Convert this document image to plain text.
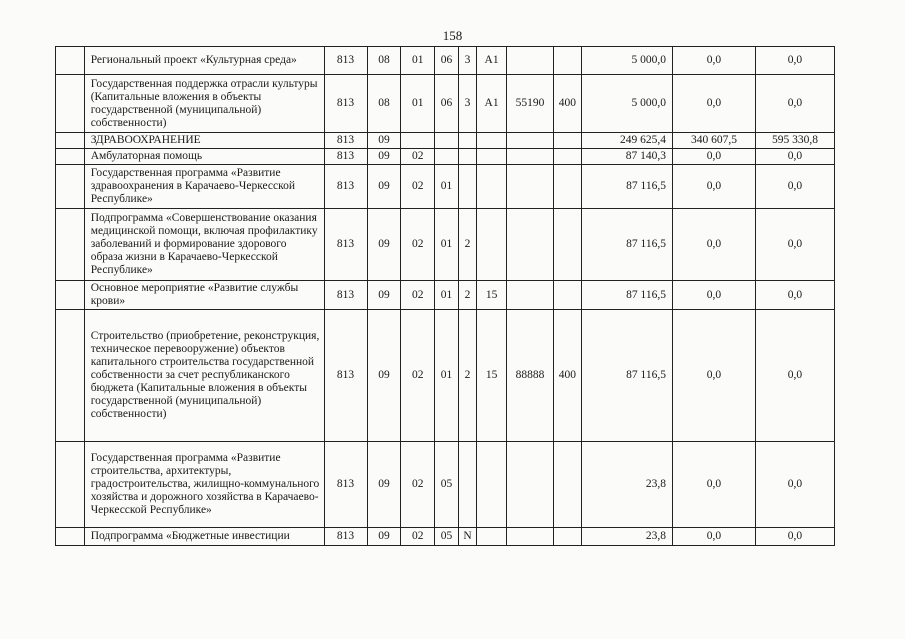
158
	Региональный проект «Культурная среда»	813	08	01	06	3	A1			5 000,0	0,0	0,0
	Государственная поддержка отрасли культуры (Капитальные вложения в объекты государственной (муниципальной) собственности)	813	08	01	06	3	A1	55190	400	5 000,0	0,0	0,0
	ЗДРАВООХРАНЕНИЕ	813	09							249 625,4	340 607,5	595 330,8
	Амбулаторная помощь	813	09	02						87 140,3	0,0	0,0
	Государственная программа «Развитие здравоохранения в Карачаево-Черкесской Республике»	813	09	02	01					87 116,5	0,0	0,0
	Подпрограмма «Совершенствование оказания медицинской помощи, включая профилактику заболеваний и формирование здорового образа жизни в Карачаево-Черкесской Республике»	813	09	02	01	2				87 116,5	0,0	0,0
	Основное мероприятие «Развитие службы крови»	813	09	02	01	2	15			87 116,5	0,0	0,0
	Строительство (приобретение, реконструкция, техническое перевооружение) объектов капитального строительства государственной собственности за счет республиканского бюджета (Капитальные вложения в объекты государственной (муниципальной) собственности)	813	09	02	01	2	15	88888	400	87 116,5	0,0	0,0
	Государственная программа «Развитие строительства, архитектуры, градостроительства, жилищно-коммунального хозяйства и дорожного хозяйства в Карачаево-Черкесской Республике»	813	09	02	05					23,8	0,0	0,0
	Подпрограмма «Бюджетные инвестиции	813	09	02	05	N				23,8	0,0	0,0
